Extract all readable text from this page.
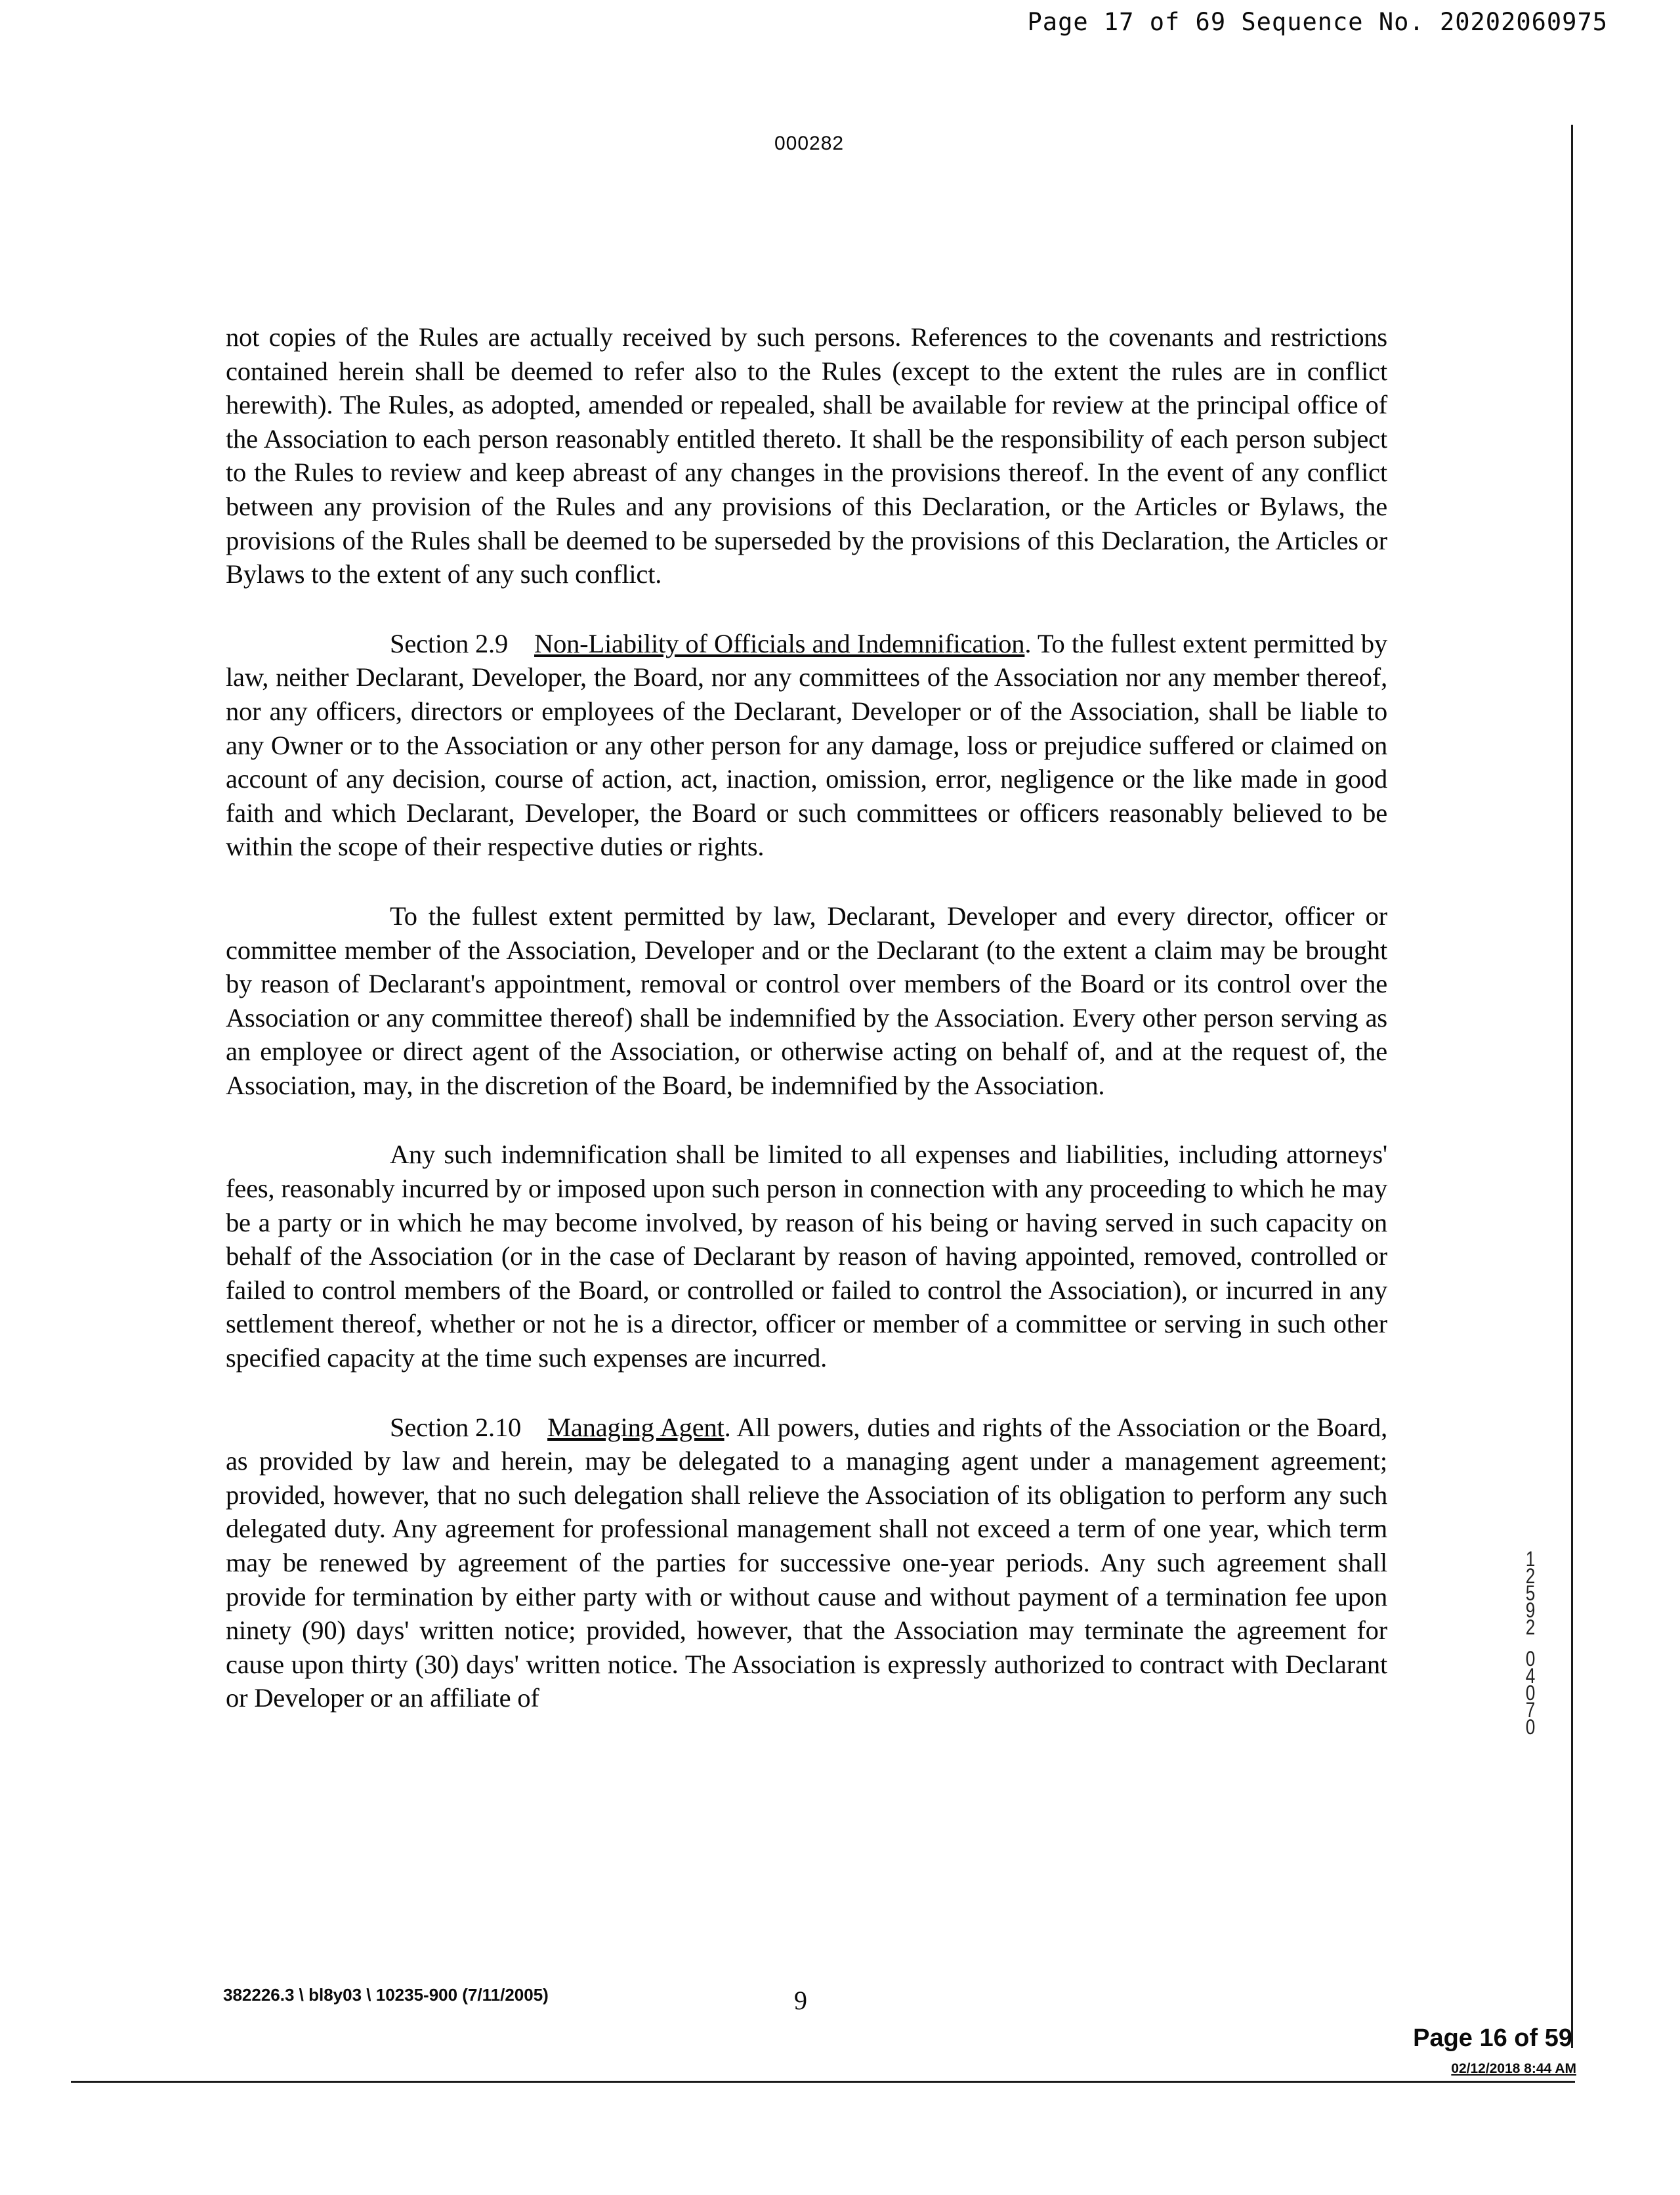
Page 17 of 69 Sequence No. 20202060975
000282

not copies of the Rules are actually received by such persons. References to the covenants and restrictions contained herein shall be deemed to refer also to the Rules (except to the extent the rules are in conflict herewith). The Rules, as adopted, amended or repealed, shall be available for review at the principal office of the Association to each person reasonably entitled thereto. It shall be the responsibility of each person subject to the Rules to review and keep abreast of any changes in the provisions thereof. In the event of any conflict between any provision of the Rules and any provisions of this Declaration, or the Articles or Bylaws, the provisions of the Rules shall be deemed to be superseded by the provisions of this Declaration, the Articles or Bylaws to the extent of any such conflict.

Section 2.9 Non-Liability of Officials and Indemnification. To the fullest extent permitted by law, neither Declarant, Developer, the Board, nor any committees of the Association nor any member thereof, nor any officers, directors or employees of the Declarant, Developer or of the Association, shall be liable to any Owner or to the Association or any other person for any damage, loss or prejudice suffered or claimed on account of any decision, course of action, act, inaction, omission, error, negligence or the like made in good faith and which Declarant, Developer, the Board or such committees or officers reasonably believed to be within the scope of their respective duties or rights.

To the fullest extent permitted by law, Declarant, Developer and every director, officer or committee member of the Association, Developer and or the Declarant (to the extent a claim may be brought by reason of Declarant's appointment, removal or control over members of the Board or its control over the Association or any committee thereof) shall be indemnified by the Association. Every other person serving as an employee or direct agent of the Association, or otherwise acting on behalf of, and at the request of, the Association, may, in the discretion of the Board, be indemnified by the Association.

Any such indemnification shall be limited to all expenses and liabilities, including attorneys' fees, reasonably incurred by or imposed upon such person in connection with any proceeding to which he may be a party or in which he may become involved, by reason of his being or having served in such capacity on behalf of the Association (or in the case of Declarant by reason of having appointed, removed, controlled or failed to control members of the Board, or controlled or failed to control the Association), or incurred in any settlement thereof, whether or not he is a director, officer or member of a committee or serving in such other specified capacity at the time such expenses are incurred.

Section 2.10 Managing Agent. All powers, duties and rights of the Association or the Board, as provided by law and herein, may be delegated to a managing agent under a management agreement; provided, however, that no such delegation shall relieve the Association of its obligation to perform any such delegated duty. Any agreement for professional management shall not exceed a term of one year, which term may be renewed by agreement of the parties for successive one-year periods. Any such agreement shall provide for termination by either party with or without cause and without payment of a termination fee upon ninety (90) days' written notice; provided, however, that the Association may terminate the agreement for cause upon thirty (30) days' written notice. The Association is expressly authorized to contract with Declarant or Developer or an affiliate of

1
2
5
9
2
0
4
0
7
0
382226.3 \ bl8y03 \ 10235-900 (7/11/2005)	9
Page 16 of 59
02/12/2018 8:44 AM
